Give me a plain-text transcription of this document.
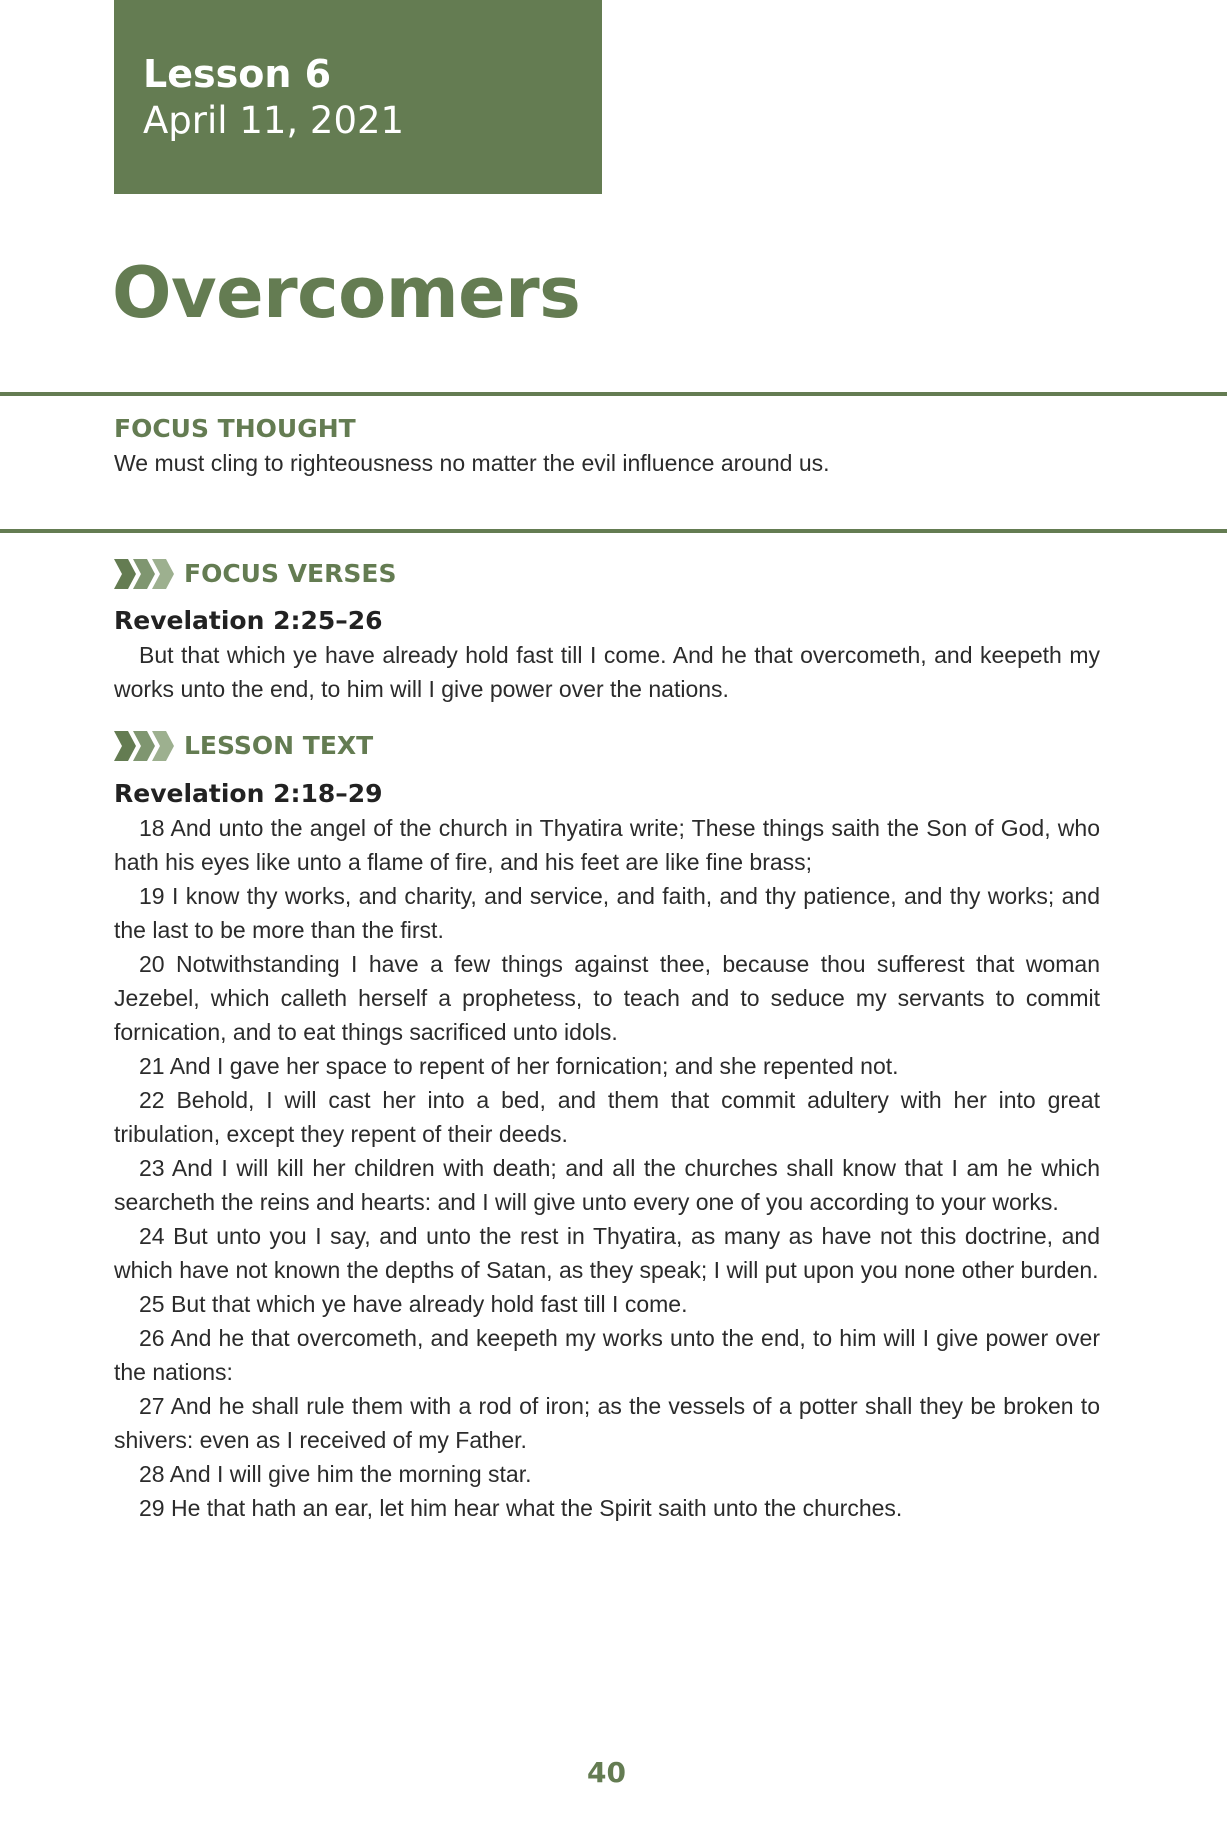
Lesson 6
April 11, 2021
Overcomers
FOCUS THOUGHT
We must cling to righteousness no matter the evil influence around us.
FOCUS VERSES
Revelation 2:25–26

But that which ye have already hold fast till I come. And he that overcometh, and keepeth my works unto the end, to him will I give power over the nations.

LESSON TEXT
Revelation 2:18–29

18 And unto the angel of the church in Thyatira write; These things saith the Son of God, who hath his eyes like unto a flame of fire, and his feet are like fine brass;

19 I know thy works, and charity, and service, and faith, and thy patience, and thy works; and the last to be more than the first.

20 Notwithstanding I have a few things against thee, because thou sufferest that woman Jezebel, which calleth herself a prophetess, to teach and to seduce my servants to commit fornication, and to eat things sacrificed unto idols.

21 And I gave her space to repent of her fornication; and she repented not.

22 Behold, I will cast her into a bed, and them that commit adultery with her into great tribulation, except they repent of their deeds.

23 And I will kill her children with death; and all the churches shall know that I am he which searcheth the reins and hearts: and I will give unto every one of you according to your works.

24 But unto you I say, and unto the rest in Thyatira, as many as have not this doctrine, and which have not known the depths of Satan, as they speak; I will put upon you none other burden.

25 But that which ye have already hold fast till I come.

26 And he that overcometh, and keepeth my works unto the end, to him will I give power over the nations:

27 And he shall rule them with a rod of iron; as the vessels of a potter shall they be broken to shivers: even as I received of my Father.

28 And I will give him the morning star.

29 He that hath an ear, let him hear what the Spirit saith unto the churches.

40
